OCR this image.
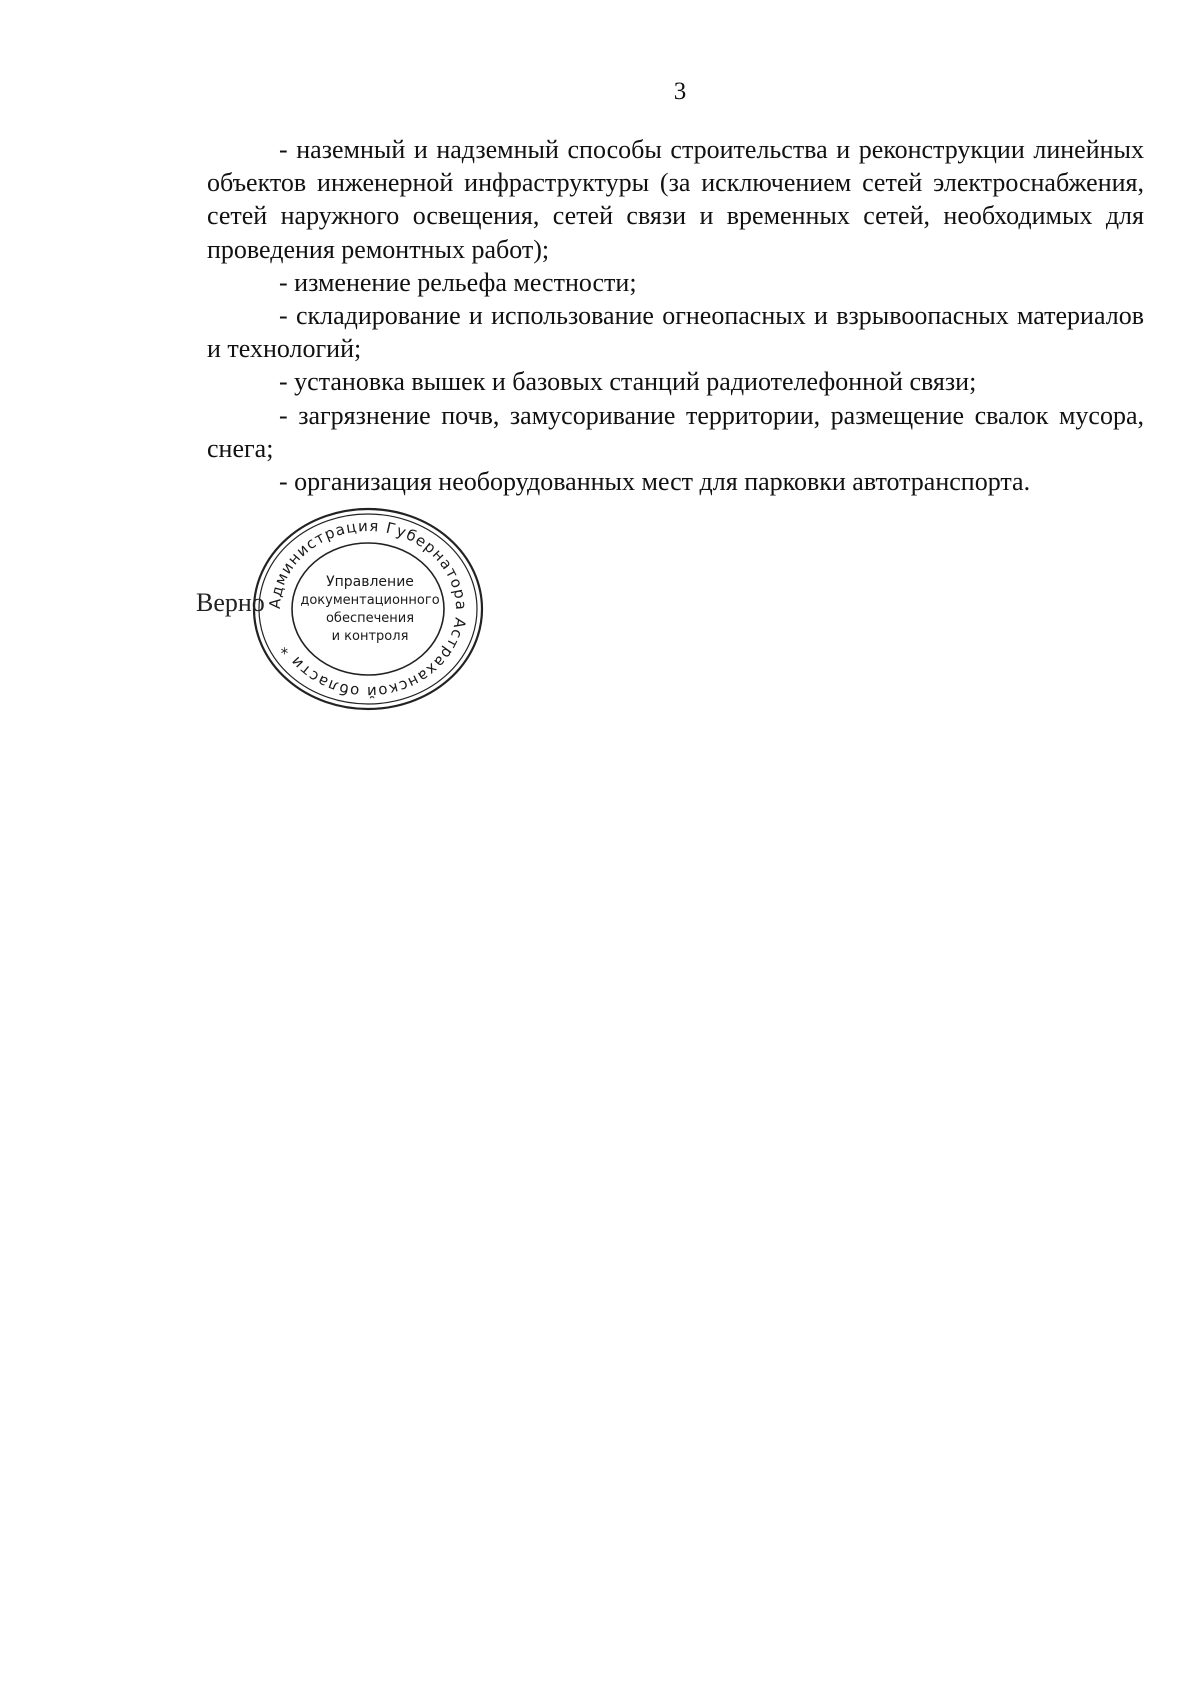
3

- наземный и надземный способы строительства и реконструкции линейных объектов инженерной инфраструктуры (за исключением сетей электроснабжения, сетей наружного освещения, сетей связи и временных сетей, необходимых для проведения ремонтных работ);

- изменение рельефа местности;

- складирование и использование огнеопасных и взрывоопасных материалов и технологий;

- установка вышек и базовых станций радиотелефонной связи;

- загрязнение почв, замусоривание территории, размещение свалок мусора, снега;

- организация необорудованных мест для парковки автотранспорта.

Верно Администрация Губернатора Астраханской области *
Управление
документационного
обеспечения
и контроля
